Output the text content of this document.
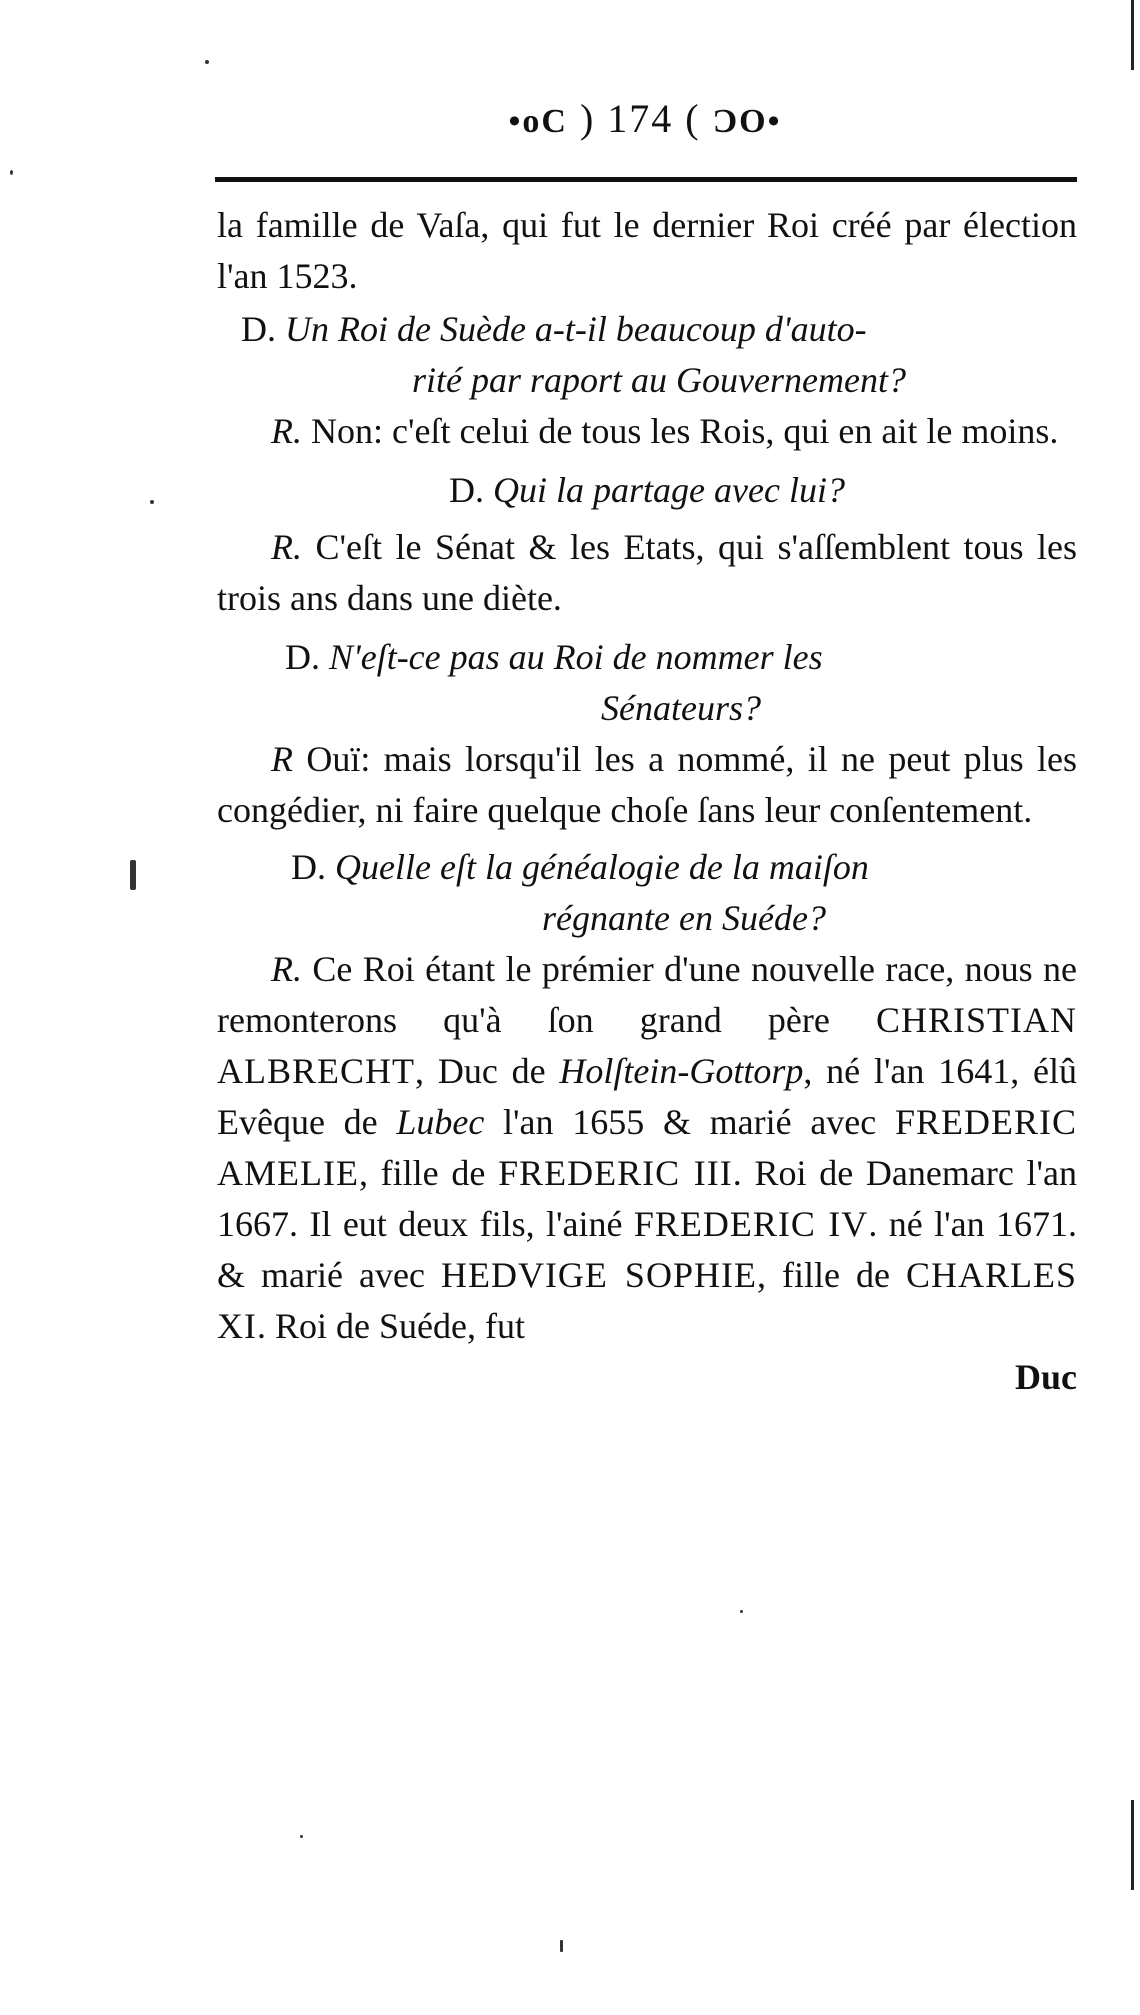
•oC ) 174 ( ƆO•

la famille de Vaſa, qui fut le dernier Roi créé par élection l'an 1523.

D. Un Roi de Suède a-t-il beaucoup d'auto-
rité par raport au Gouvernement?

R. Non: c'eſt celui de tous les Rois, qui en ait le moins.

D. Qui la partage avec lui?

R. C'eſt le Sénat & les Etats, qui s'aſſemblent tous les trois ans dans une diète.

D. N'eſt-ce pas au Roi de nommer les
Sénateurs?

R Ouï: mais lorsqu'il les a nommé, il ne peut plus les congédier, ni faire quelque choſe ſans leur conſentement.

D. Quelle eſt la généalogie de la maiſon
régnante en Suéde?

R. Ce Roi étant le prémier d'une nouvelle race, nous ne remonterons qu'à ſon grand père CHRISTIAN ALBRECHT, Duc de Holſtein-Gottorp, né l'an 1641, élû Evêque de Lubec l'an 1655 & marié avec FREDERIC AMELIE, fille de FREDERIC III. Roi de Danemarc l'an 1667. Il eut deux fils, l'ainé FREDERIC IV. né l'an 1671. & marié avec HEDVIGE SOPHIE, fille de CHARLES XI. Roi de Suéde, fut

Duc
